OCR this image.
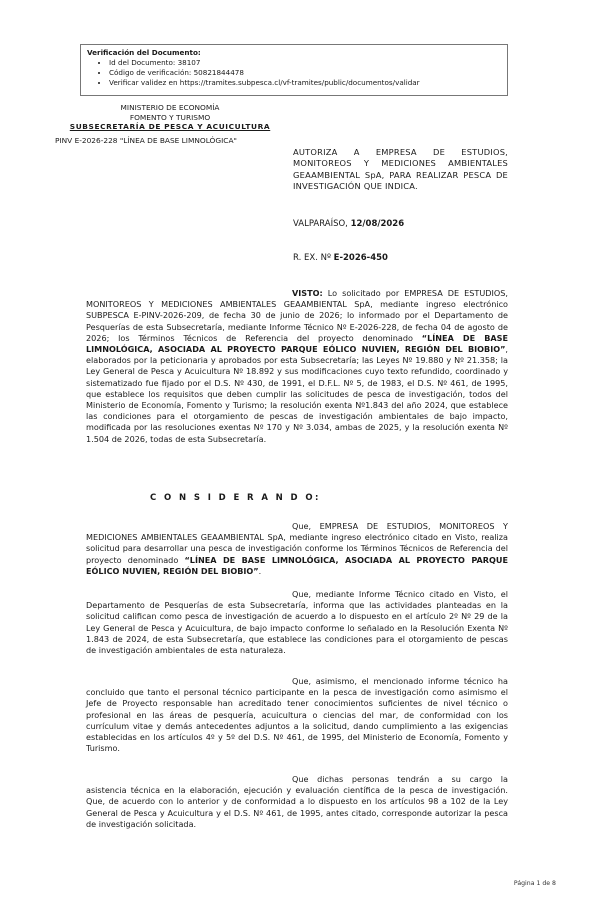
Verificación del Documento:
• Id del Documento: 38107
• Código de verificación: 50821844478
• Verificar validez en https://tramites.subpesca.cl/vf-tramites/public/documentos/validar
MINISTERIO DE ECONOMÍA
FOMENTO Y TURISMO
SUBSECRETARÍA DE PESCA Y ACUICULTURA
PINV E-2026-228 "LÍNEA DE BASE LIMNOLÓGICA"
AUTORIZA A EMPRESA DE ESTUDIOS, MONITOREOS Y MEDICIONES AMBIENTALES GEAAMBIENTAL SpA, PARA REALIZAR PESCA DE INVESTIGACIÓN QUE INDICA.
VALPARAÍSO, 12/08/2026
R. EX. Nº E-2026-450
VISTO: Lo solicitado por EMPRESA DE ESTUDIOS, MONITOREOS Y MEDICIONES AMBIENTALES GEAAMBIENTAL SpA, mediante ingreso electrónico SUBPESCA E-PINV-2026-209, de fecha 30 de junio de 2026; lo informado por el Departamento de Pesquerías de esta Subsecretaría, mediante Informe Técnico Nº E-2026-228, de fecha 04 de agosto de 2026; los Términos Técnicos de Referencia del proyecto denominado “LÍNEA DE BASE LIMNOLÓGICA, ASOCIADA AL PROYECTO PARQUE EÓLICO NUVIEN, REGIÓN DEL BIOBIO”, elaborados por la peticionaria y aprobados por esta Subsecretaría; las Leyes Nº 19.880 y Nº 21.358; la Ley General de Pesca y Acuicultura Nº 18.892 y sus modificaciones cuyo texto refundido, coordinado y sistematizado fue fijado por el D.S. Nº 430, de 1991, el D.F.L. Nº 5, de 1983, el D.S. Nº 461, de 1995, que establece los requisitos que deben cumplir las solicitudes de pesca de investigación, todos del Ministerio de Economía, Fomento y Turismo; la resolución exenta Nº1.843 del año 2024, que establece las condiciones para el otorgamiento de pescas de investigación ambientales de bajo impacto, modificada por las resoluciones exentas Nº 170 y Nº 3.034, ambas de 2025, y la resolución exenta Nº 1.504 de 2026, todas de esta Subsecretaría.
C O N S I D E R A N D O:
Que, EMPRESA DE ESTUDIOS, MONITOREOS Y MEDICIONES AMBIENTALES GEAAMBIENTAL SpA, mediante ingreso electrónico citado en Visto, realiza solicitud para desarrollar una pesca de investigación conforme los Términos Técnicos de Referencia del proyecto denominado “LÍNEA DE BASE LIMNOLÓGICA, ASOCIADA AL PROYECTO PARQUE EÓLICO NUVIEN, REGIÓN DEL BIOBIO”.
Que, mediante Informe Técnico citado en Visto, el Departamento de Pesquerías de esta Subsecretaría, informa que las actividades planteadas en la solicitud califican como pesca de investigación de acuerdo a lo dispuesto en el artículo 2º Nº 29 de la Ley General de Pesca y Acuicultura, de bajo impacto conforme lo señalado en la Resolución Exenta Nº 1.843 de 2024, de esta Subsecretaría, que establece las condiciones para el otorgamiento de pescas de investigación ambientales de esta naturaleza.
Que, asimismo, el mencionado informe técnico ha concluido que tanto el personal técnico participante en la pesca de investigación como asimismo el Jefe de Proyecto responsable han acreditado tener conocimientos suficientes de nivel técnico o profesional en las áreas de pesquería, acuicultura o ciencias del mar, de conformidad con los currículum vitae y demás antecedentes adjuntos a la solicitud, dando cumplimiento a las exigencias establecidas en los artículos 4º y 5º del D.S. Nº 461, de 1995, del Ministerio de Economía, Fomento y Turismo.
Que dichas personas tendrán a su cargo la asistencia técnica en la elaboración, ejecución y evaluación científica de la pesca de investigación. Que, de acuerdo con lo anterior y de conformidad a lo dispuesto en los artículos 98 a 102 de la Ley General de Pesca y Acuicultura y el D.S. Nº 461, de 1995, antes citado, corresponde autorizar la pesca de investigación solicitada.
Página 1 de 8
